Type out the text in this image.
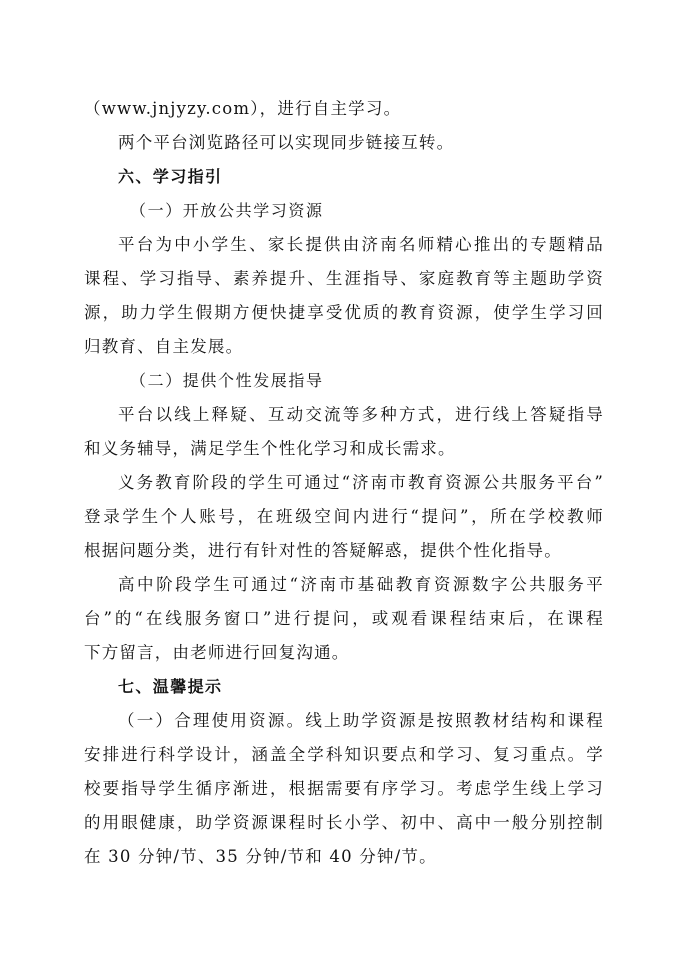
（www.jnjyzy.com），进行自主学习。
两个平台浏览路径可以实现同步链接互转。
六、学习指引
（一）开放公共学习资源
平台为中小学生、家长提供由济南名师精心推出的专题精品
课程、学习指导、素养提升、生涯指导、家庭教育等主题助学资
源，助力学生假期方便快捷享受优质的教育资源，使学生学习回
归教育、自主发展。
（二）提供个性发展指导
平台以线上释疑、互动交流等多种方式，进行线上答疑指导
和义务辅导，满足学生个性化学习和成长需求。
义务教育阶段的学生可通过“济南市教育资源公共服务平台”
登录学生个人账号，在班级空间内进行“提问”，所在学校教师
根据问题分类，进行有针对性的答疑解惑，提供个性化指导。
高中阶段学生可通过“济南市基础教育资源数字公共服务平
台”的“在线服务窗口”进行提问，或观看课程结束后，在课程
下方留言，由老师进行回复沟通。
七、温馨提示
（一）合理使用资源。线上助学资源是按照教材结构和课程
安排进行科学设计，涵盖全学科知识要点和学习、复习重点。学
校要指导学生循序渐进，根据需要有序学习。考虑学生线上学习
的用眼健康，助学资源课程时长小学、初中、高中一般分别控制
在 30 分钟/节、35 分钟/节和 40 分钟/节。
